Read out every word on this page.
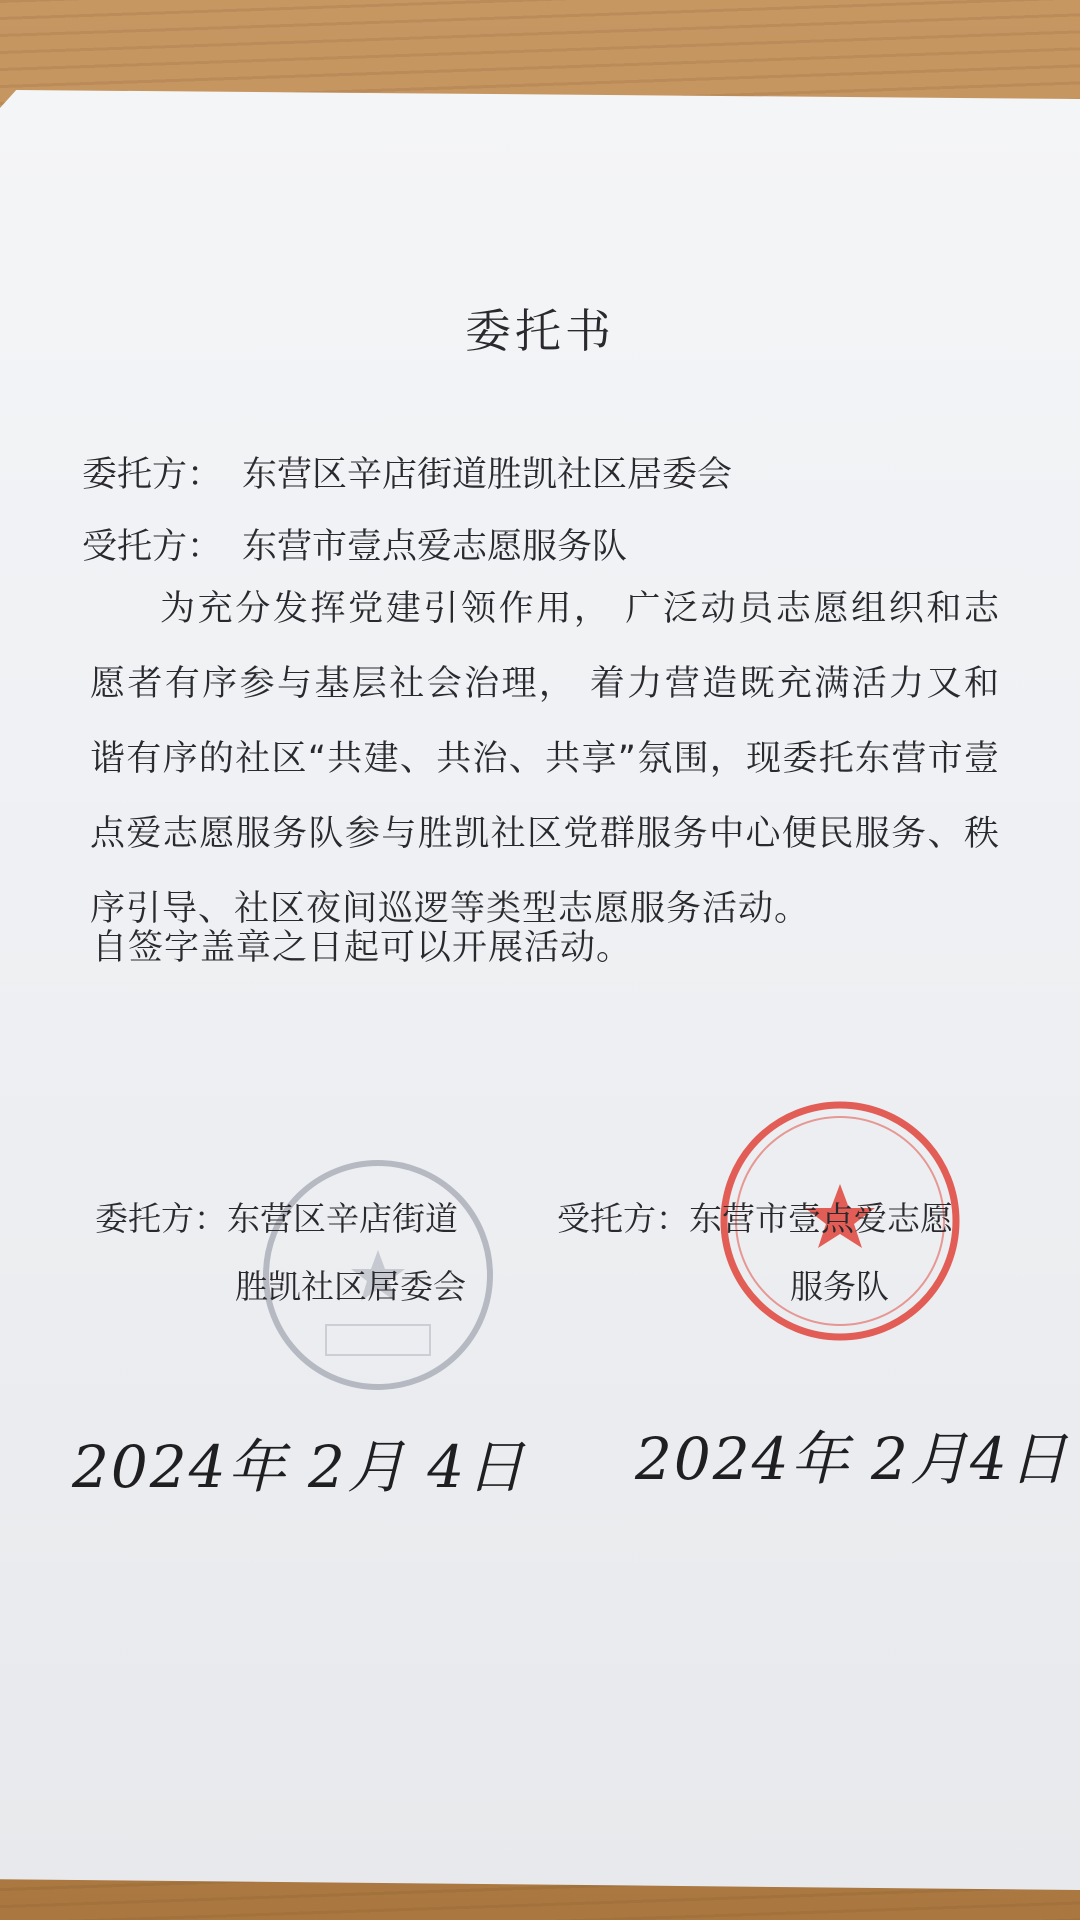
委托书
委托方： 东营区辛店街道胜凯社区居委会
受托方： 东营市壹点爱志愿服务队
为充分发挥党建引领作用， 广泛动员志愿组织和志愿者有序参与基层社会治理， 着力营造既充满活力又和谐有序的社区“共建、共治、共享”氛围，现委托东营市壹点爱志愿服务队参与胜凯社区党群服务中心便民服务、秩序引导、社区夜间巡逻等类型志愿服务活动。
自签字盖章之日起可以开展活动。
委托方：东营区辛店街道
胜凯社区居委会
受托方：东营市壹点爱志愿
服务队
2024年 2月 4日 2024年 2月4日
